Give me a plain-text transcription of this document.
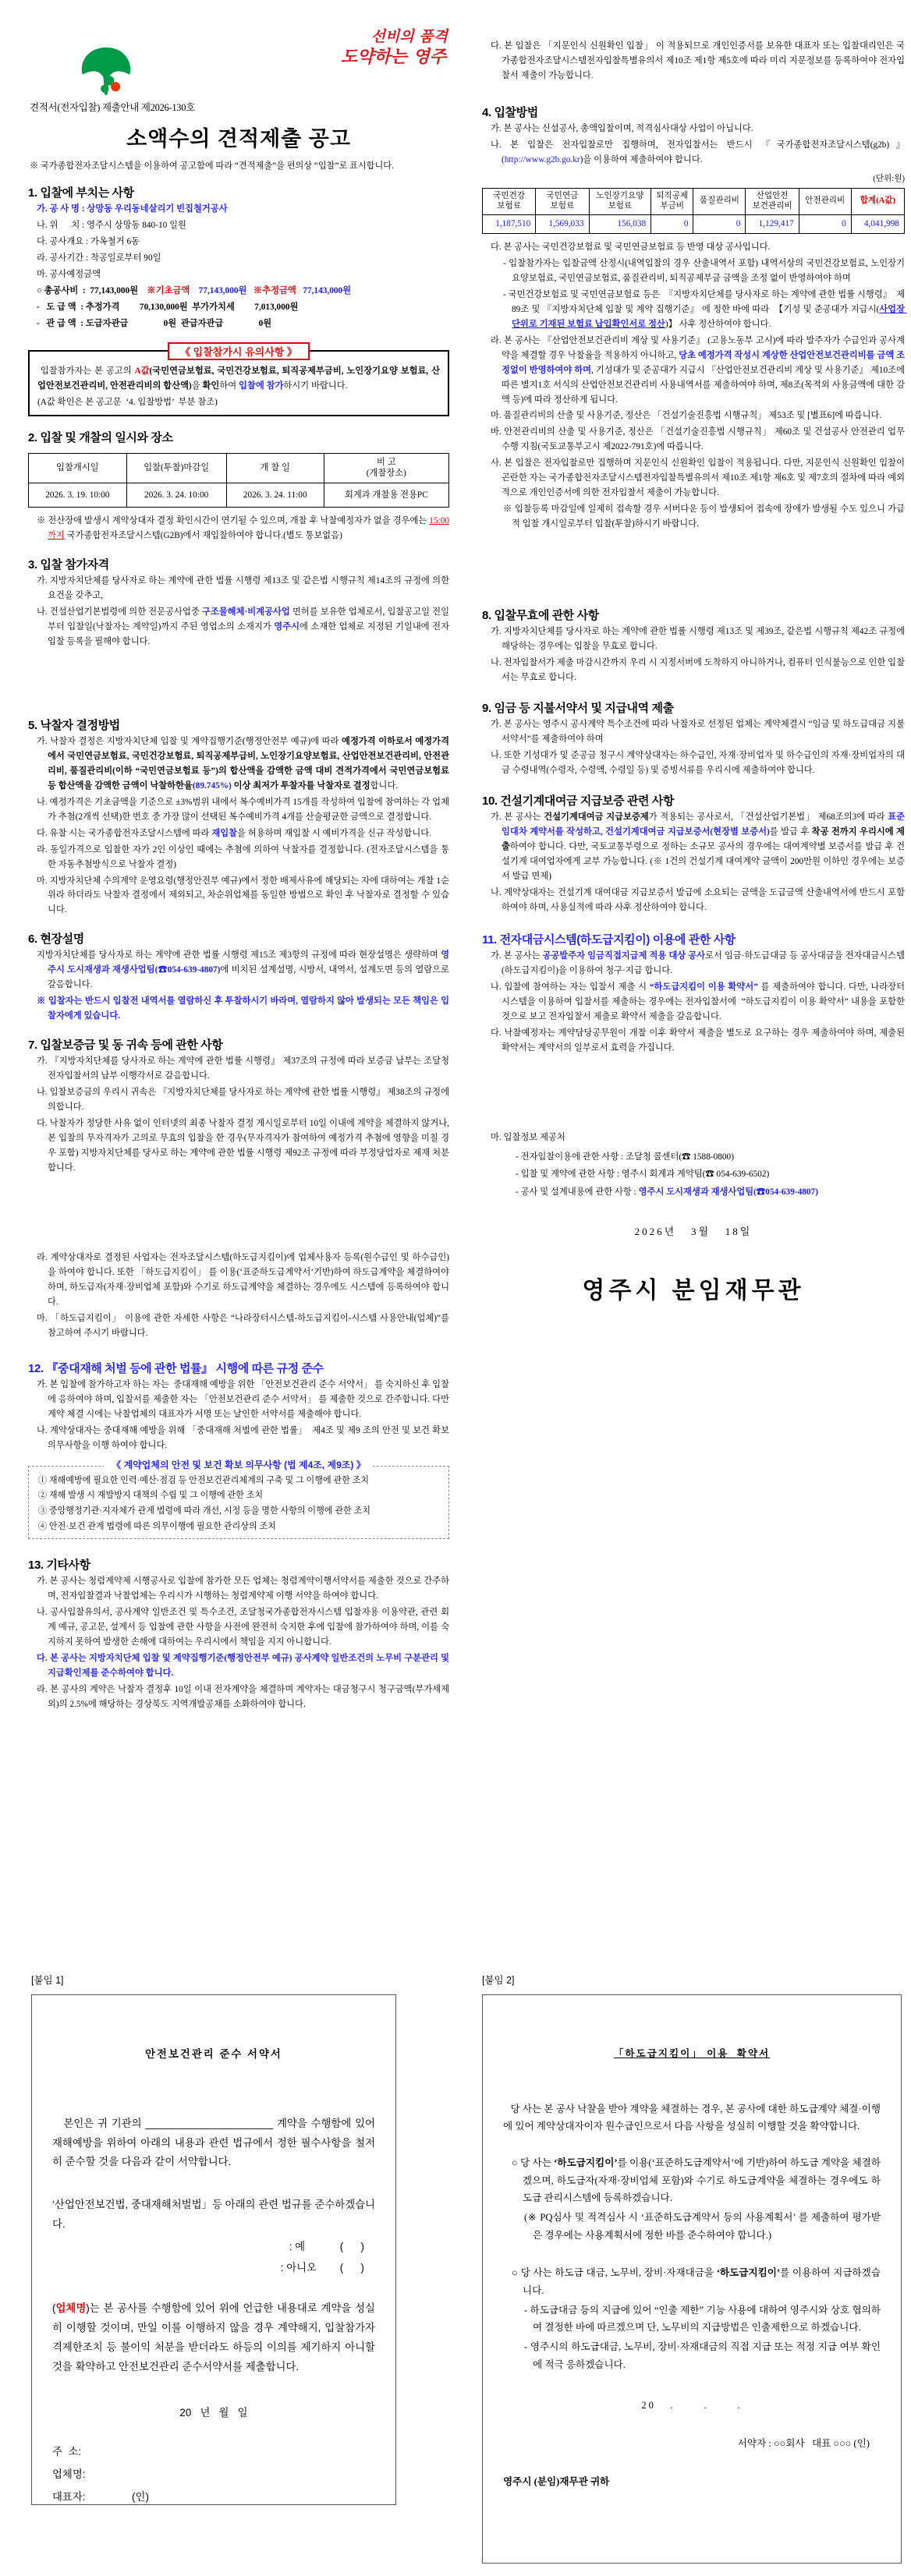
선비의 품격
도약하는 영주
견적서(전자입찰) 제출안내 제2026-130호
소액수의 견적제출 공고
※ 국가종합전자조달시스템을 이용하여 공고함에 따라 “견적제출”을 편의상 “입찰”로 표시합니다.
1. 입찰에 부치는 사항
가. 공 사 명 : 상망동 우리동네살리기 빈집철거공사
나. 위      치 : 영주시 상망동 840-10 일원
다. 공사개요 : 가옥철거 6동
라. 공사기간 : 착공일로부터 90일
마. 공사예정금액
○ 총공사비  :  77,143,000원    ※기초금액    77,143,000원   ※추정금액   77,143,000원
-   도 급 액  : 추정가격         70,130,000원  부가가치세         7,013,000원
-   관 급 액  : 도급자관급                0원  관급자관급                0원
《 입찰참가시 유의사항 》
입찰참가자는 본 공고의 A값(국민연금보험료, 국민건강보험료, 퇴직공제부금비, 노인장기요양 보험료, 산업안전보건관리비, 안전관리비의 합산액)을 확인하여 입찰에 참가하시기 바랍니다.
(A값 확인은 본 공고문  ‘4. 입찰방법’  부분 참조)
2. 입찰 및 개찰의 일시와 장소
입찰개시일	입찰(투찰)마감일	개 찰 일	비 고
(개찰장소)
2026. 3. 19. 10:00	2026. 3. 24. 10:00	2026. 3. 24. 11:00	회계과 개찰용 전용PC
※ 전산장애 발생시 계약상대자 결정 확인시간이 연기될 수 있으며, 개찰 후 낙찰예정자가 없을 경우에는 15:00까지 국가종합전자조달시스템(G2B)에서 재입찰하여야 합니다.(별도 통보없음)
3. 입찰 참가자격
가. 지방자치단체를 당사자로 하는 계약에 관한 법률 시행령 제13조 및 같은법 시행규칙 제14조의 규정에 의한 요건을 갖추고,
나. 건설산업기본법령에 의한 전문공사업중 구조물해체·비계공사업 면허를 보유한 업체로서, 입찰공고일 전일부터 입찰일(낙찰자는 계약일)까지 주된 영업소의 소재지가 영주시에 소재한 업체로 지정된 기일내에 전자입찰 등록을 필해야 합니다.
5. 낙찰자 결정방법
가. 낙찰자 결정은 지방자치단체 입찰 및 계약집행기준(행정안전부 예규)에 따라 예정가격 이하로서 예정가격에서 국민연금보험료, 국민건강보험료, 퇴직공제부급비, 노인장기요양보험료, 산업안전보건관리비, 안전관리비, 품질관리비(이하 “국민연금보험료 등”)의 합산액을 감액한 금액 대비 견적가격에서 국민연금보험료 등 합산액을 감액한 금액이 낙찰하한율(89.745%) 이상 최저가 투찰자를 낙찰자로 결정합니다.
나. 예정가격은 기초금액을 기준으로 ±3%범위 내에서 복수예비가격 15개를 작성하여 입찰에 참여하는 각 업체가 추첨(2개씩 선택)한 번호 중 가장 많이 선택된 복수예비가격 4개를 산술평균한 금액으로 결정합니다.
다. 유찰 시는 국가종합전자조달시스템에 따라 재입찰을 허용하며 재입찰 시 예비가격을 신규 작성합니다.
라. 동일가격으로 입찰한 자가 2인 이상인 때에는 추첨에 의하여 낙찰자를 결정합니다. (전자조달시스템을 통한 자동추첨방식으로 낙찰자 결정)
마. 지방자치단체 수의계약 운영요령(행정안전부 예규)에서 정한 배제사유에 해당되는 자에 대하여는 개찰 1순위라 하더라도 낙찰자 결정에서 제외되고, 차순위업체를 동일한 방법으로 확인 후 낙찰자로 결정할 수 있습니다.
6. 현장설명
지방자치단체를 당사자로 하는 계약에 관한 법률 시행령 제15조 제3항의 규정에 따라 현장설명은 생략하며 영주시 도시재생과 재생사업팀(☎054-639-4807)에 비치된 설계설명, 시방서, 내역서, 설계도면 등의 열람으로 갈음합니다.
※ 입찰자는 반드시 입찰전 내역서를 열람하신 후 투찰하시기 바라며, 열람하지 않아 발생되는 모든 책임은 입찰자에게 있습니다.
7. 입찰보증금 및 동 귀속 등에 관한 사항
가. 『지방자치단체를 당사자로 하는 계약에 관한 법률 시행령』 제37조의 규정에 따라 보증금 납부는 조달청 전자입찰서의 납부 이행각서로 갈음합니다.
나. 입찰보증금의 우리시 귀속은 『지방자치단체를 당사자로 하는 계약에 관한 법률 시행령』 제38조의 규정에 의합니다.
다. 낙찰자가 정당한 사유 없이 인터넷의 최종 낙찰자 결정 게시일로부터 10일 이내에 계약을 체결하지 않거나, 본 입찰의 무자격자가 고의로 무효의 입찰을 한 경우(무자격자가 참여하여 예정가격 추첨에 영향을 미칠 경우 포함) 지방자치단체를 당사로 하는 계약에 관한 법률 시행령 제92조 규정에 따라 부정당업자로 제재 처분합니다.
라. 계약상대자로 결정된 사업자는 전자조달시스템(하도급지킴이)에 업체사용자 등록(원수급인 및 하수급인)을 하여야 합니다. 또한 「하도급지킴이」 를 이용(‘표준하도급계약서’기반)하여 하도급계약을 체결하여야 하며, 하도급자(자재·장비업체 포함)와 수기로 하도급계약을 체결하는 경우에도 시스템에 등록하여야 합니다.
마. 「하도급지킴이」 이용에 관한 자세한 사항은 “나라장터시스템-하도급지킴이-시스템 사용안내(업체)”를 참고하여 주시기 바랍니다.
12. 『중대재해 처벌 등에 관한 법률』 시행에 따른 규정 준수
가. 본 입찰에 참가하고자 하는 자는  중대재해 예방을 위한 「안전보건관리 준수 서약서」 를 숙지하신 후 입찰에 응하여야 하며, 입찰서를 제출한 자는 「안전보건관리 준수 서약서」 를 제출한 것으로 간주합니다. 다만 계약 체결 시에는 낙찰업체의 대표자가 서명 또는 날인한 서약서를 제출해야 합니다.
나. 계약상대자는 중대재해 예방을 위해 「중대재해 처벌에 관한 법률」  제4조 및 제9 조의 안전 및 보건 확보 의무사항을 이행 하여야 합니다.
《 계약업체의 안전 및 보건 확보 의무사항 (법 제4조, 제9조) 》
① 재해예방에 필요한 인력·예산·점검 등 안전보건관리체계의 구축 및 그 이행에 관한 조치
② 재해 발생 시 재발방지 대책의 수립 및 그 이행에 관한 조치
③ 중앙행정기관·지자체가 관계 법령에 따라 개선, 시정 등을 명한 사항의 이행에 관한 조치
④ 안전·보건 관계 법령에 따른 의무이행에 필요한 관리상의 조치
13. 기타사항
가. 본 공사는 청렴계약제 시행공사로 입찰에 참가한 모든 업체는 청렴계약이행서약서를 제출한 것으로 간주하며, 전자입찰결과 낙찰업체는 우리시가 시행하는 청렴계약제 이행 서약을 하여야 합니다.
나. 공사입찰유의서, 공사계약 일반조건 및 특수조건, 조달청국가종합전자시스템 입찰자용 이용약관, 관련 회계 예규, 공고문, 설계서 등 입찰에 관한 사항을 사전에 완전히 숙지한 후에 입찰에 참가하여야 하며, 이를 숙지하지 못하여 발생한 손해에 대하여는 우리시에서 책임을 지지 아니합니다.
다. 본 공사는 지방자치단체 입찰 및 계약집행기준(행정안전부 예규) 공사계약 일반조건의 노무비 구분관리 및 지급확인제를 준수하여야 합니다.
라. 본 공사의 계약은 낙찰자 결정후 10일 이내 전자계약을 체결하며 계약자는 대금청구시 청구금액(부가세제외)의 2.5%에 해당하는 경상북도 지역개발공채를 소화하여야 합니다.
다. 본 입찰은 「지문인식 신원확인 입찰」 이 적용되므로 개인인증서를 보유한 대표자 또는 입찰대리인은 국가종합전자조달시스템전자입찰특별유의서 제10조 제1항 제5호에 따라 미리 지문정보를 등록하여야 전자입찰서 제출이 가능합니다.
4. 입찰방법
가. 본 공사는 신설공사, 총액입찰이며, 적격심사대상 사업이 아닙니다.
나. 본 입찰은 전자입찰로만 집행하며, 전자입찰서는 반드시 『국가종합전자조달시스템(g2b)』 (http://www.g2b.go.kr)을 이용하여 제출하여야 합니다.
(단위:원)
국민건강
보험료	국민연금
보험료	노인장기요양
보험료	퇴직공제
부금비	품질관리비	산업안전
보건관리비	안전관리비	합계(A값)
1,187,510	1,569,033	156,038	0	0	1,129,417	0	4,041,998
다. 본 공사는 국민건강보험료 및 국민연금보험료 등 반영 대상 공사입니다.
- 입찰참가자는 입찰금액 산정시(내역입찰의 경우 산출내역서 포함) 내역서상의 국민건강보험료, 노인장기요양보험료, 국민연금보험료, 품질관리비, 퇴직공제부금 금액을 조정 없이 반영하여야 하며
- 국민건강보험료 및 국민연금보험료 등은  『지방자치단체를 당사자로 하는 계약에 관한 법률 시행령』  제89조 및 『지방자치단체 입찰 및 계약 집행기준』 에 정한 바에 따라  【기성 및 준공대가 지급시(사업장 단위로 기재된 보험료 납입확인서로 정산)】 사후 정산하여야 합니다.
라. 본 공사는 『산업안전보건관리비 계상 및 사용기준』 (고용노동부 고시)에 따라 발주자가 수급인과 공사계약을 체결할 경우 낙찰율을 적용하지 아니하고, 당초 예정가격 작성시 계상한 산업안전보건관리비를 금액 조정없이 반영하여야 하며, 기성대가 및 준공대가 지급시 『산업안전보건관리비 계상 및 사용기준』 제10조에 따른 별지1호 서식의 산업안전보건관리비 사용내역서를 제출하여야 하며, 제8조(목적외 사용금액에 대한 감액 등)에 따라 정산하게 됩니다.
마. 품질관리비의 산출 및 사용기준, 정산은 「건설기술진흥법 시행규칙」 제53조 및 [별표6]에 따릅니다.
바. 안전관리비의 산출 및 사용기준, 정산은 「건설기술진흥법 시행규칙」 제60조 및 건설공사 안전관리 업무수행 지침(국토교통부고시 제2022-791호)에 따릅니다.
사. 본 입찰은 전자입찰로만 집행하며 지문인식 신원확인 입찰이 적용됩니다. 다만, 지문인식 신원확인 입찰이 곤란한 자는 국가종합전자조달시스템전자입찰특별유의서 제10조 제1항 제6호 및 제7호의 절차에 따라 예외적으로 개인인증서에 의한 전자입찰서 제출이 가능합니다.
※ 입찰등록 마감일에 일제히 접속할 경우 서버다운 등이 발생되어 접속에 장애가 발생될 수도 있으니 가급적 입찰 개시일로부터 입찰(투찰)하시기 바랍니다.
8. 입찰무효에 관한 사항
가. 지방자치단체를 당사자로 하는 계약에 관한 법률 시행령 제13조 및 제39조, 같은법 시행규칙 제42조 규정에 해당하는 경우에는 입찰을 무효로 합니다.
나. 전자입찰서가 제출 마감시간까지 우리 시 지정서버에 도착하지 아니하거나, 컴퓨터 인식불능으로 인한 입찰서는 무효로 합니다.
9. 임금 등 지불서약서 및 지급내역 제출
가. 본 공사는 영주시 공사계약 특수조건에 따라 낙찰자로 선정된 업체는 계약체결시 “임금 및 하도급대금 지불 서약서”를 제출하여야 하며
나. 또한 기성대가 및 준공금 청구시 계약상대자는 하수급인, 자재·장비업자 및 하수급인의 자재·장비업자의 대금 수령내역(수령자, 수령액, 수령일 등) 및 증빙서류를 우리시에 제출하여야 합니다.
10. 건설기계대여금 지급보증 관련 사항
가. 본 공사는 건설기계대여금 지급보증제가 적용되는 공사로서, 「건설산업기본법」 제68조의3에 따라 표준임대차 계약서를 작성하고, 건설기계대여금 지급보증서(현장별 보증서)를 발급 후 착공 전까지 우리시에 제출하여야 합니다. 다만, 국토교통부령으로 정하는 소규모 공사의 경우에는 대여계약별 보증서를 발급 후 건설기계 대여업자에게 교부 가능합니다. (※ 1건의 건설기계 대여계약 금액이 200만원 이하인 경우에는 보증서 발급 면제)
나. 계약상대자는 건설기계 대여대금 지급보증서 발급에 소요되는 금액을 도급금액 산출내역서에 반드시 포함하여야 하며, 사용실적에 따라 사후 정산하여야 합니다.
11. 전자대금시스템(하도급지킴이) 이용에 관한 사항
가. 본 공사는 공공발주자 임금직접지급제 적용 대상 공사로서 임금·하도급대금 등 공사대금을 전자대금시스템(하도급지킴이)을 이용하여 청구·지급 합니다.
나. 입찰에 참여하는 자는 입찰서 제출 시 “하도급지킴이 이용 확약서” 를 제출하여야 합니다. 다만, 나라장터 시스템을 이용하여 입찰서를 제출하는 경우에는 전자입찰서에  “하도급지킴이 이용 확약서” 내용을 포함한 것으로 보고 전자입찰서 제출로 확약서 제출을 갈음합니다.
다. 낙찰예정자는 계약담당공무원이 개찰 이후 확약서 제출을 별도로 요구하는 경우 제출하여야 하며, 제출된 확약서는 계약서의 일부로서 효력을 가집니다.
마. 입찰정보 제공처
- 전자입찰이용에 관한 사항 : 조달청 콜센터(☎ 1588-0800)
- 입찰 및 계약에 관한 사항 : 영주시 회계과 계약팀(☎ 054-639-6502)
- 공사 및 설계내용에 관한 사항 : 영주시 도시재생과 재생사업팀(☎054-639-4807)
2026년   3월   18일
영주시 분임재무관
[붙임 1]
안전보건관리 준수 서약서
본인은 귀 기관의 ______________________ 계약을 수행함에 있어 재해예방을 위하여 아래의 내용과 관련 법규에서 정한 필수사항을 철저히 준수할 것을 다음과 같이 서약합니다.
‘산업안전보건법, 중대재해처벌법」등 아래의 관련 법규를 준수하겠습니다.
: 예            (      )
: 아니오        (      )
(업체명)는 본 공사를 수행함에 있어 위에 언급한 내용대로 계약을 성실히 이행할 것이며, 만일 이를 이행하지 않을 경우 계약해지, 입찰참가자격제한조치 등 불이익 처분을 받더라도 하등의 이의를 제기하지 아니할 것을 확약하고 안전보건관리 준수서약서를 제출합니다.
20   년   월   일
주  소:
업체명:
대표자:                (인)
[붙임 2]
「하도급지킴이」 이용  확약서
당 사는 본 공사 낙찰을 받아 계약을 체결하는 경우, 본 공사에 대한 하도급계약 체결·이행에 있어 계약상대자이자 원수급인으로서 다음 사항을 성실히 이행할 것을 확약합니다.
○ 당 사는 ‘하도급지킴이’를 이용(‘표준하도급계약서’에 기반)하여 하도급 계약을 체결하겠으며, 하도급자(자재·장비업체 포함)와 수기로 하도급계약을 체결하는 경우에도 하도급 관리시스템에 등록하겠습니다.
(※ PQ심사 및 적격심사 시 ‘표준하도급계약서 등의 사용계획서’ 를 제출하여 평가받은 경우에는 사용계획서에 정한 바를 준수하여야 합니다.)
○ 당 사는 하도급 대금, 노무비, 장비·자재대금을 ‘하도급지킴이’를 이용하여 지급하겠습니다.
- 하도급대금 등의 지급에 있어 “인출 제한” 기능 사용에 대하여 영주시와 상호 협의하여 결정한 바에 따르겠으며 단, 노무비의 지급방법은 인출제한으로 하겠습니다.
- 영주시의 하도급대금, 노무비, 장비·자재대금의 직접 지급 또는 적정 지급 여부 확인에 적극 응하겠습니다.
20   .      .      .
서약자 : ○○회사   대표 ○○○ (인)
영주시 (분임)재무관 귀하
